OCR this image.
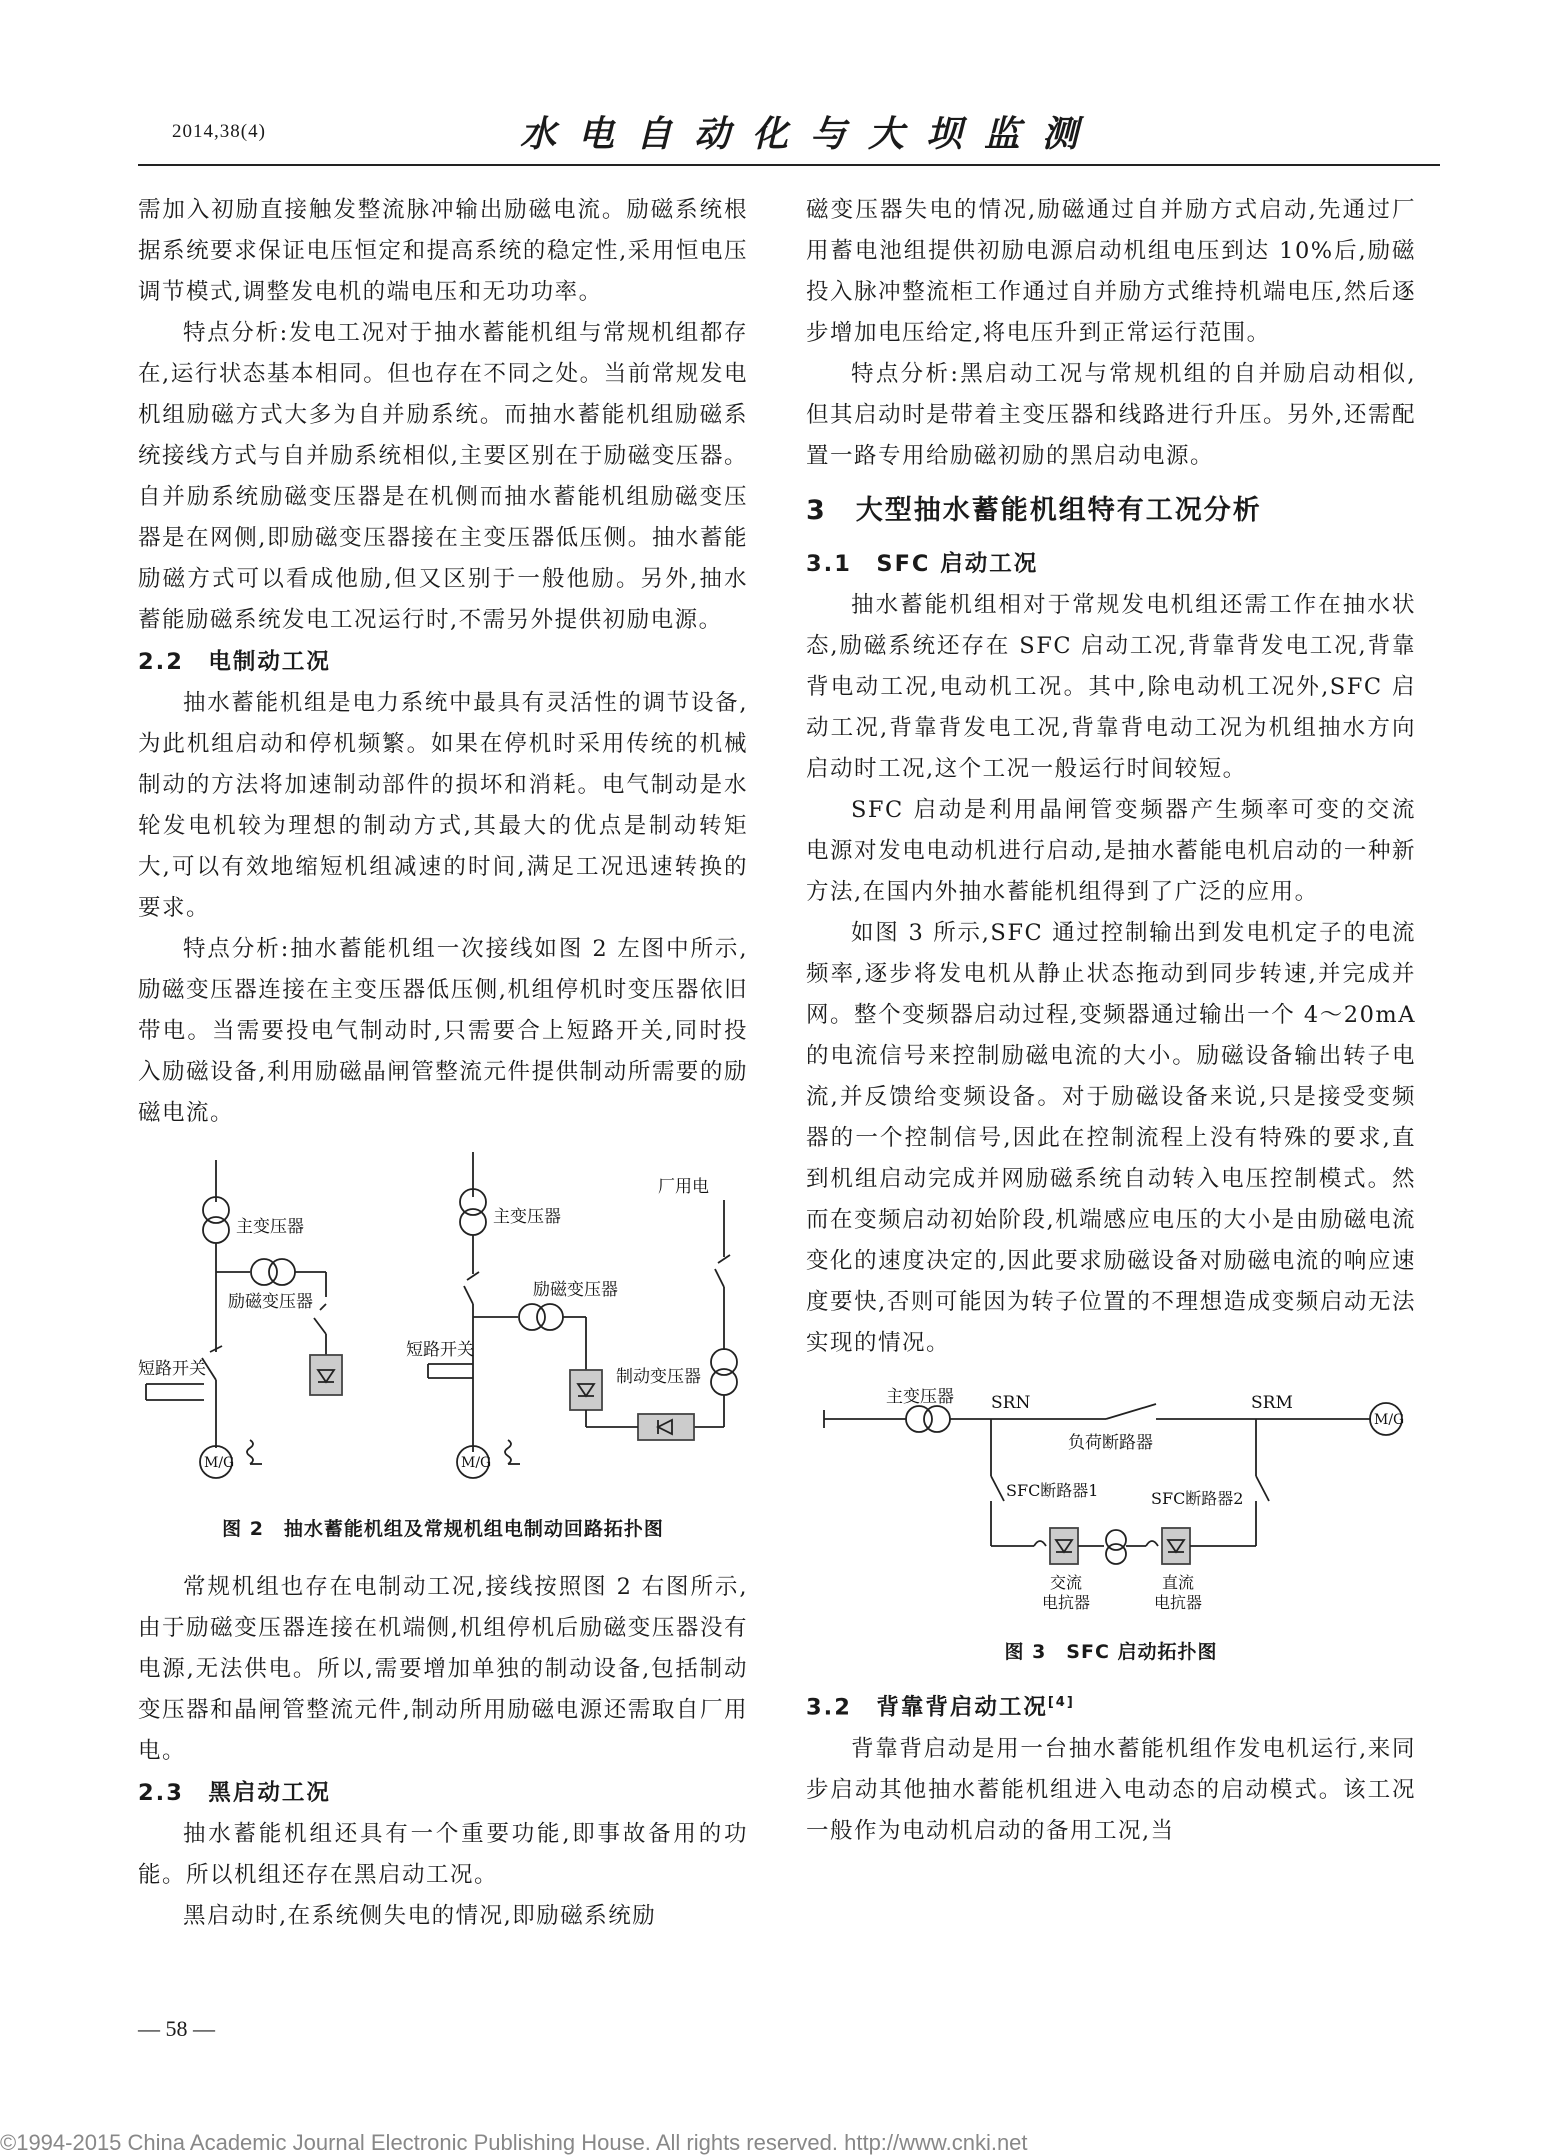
2014,38(4)	水电自动化与大坝监测

需加入初励直接触发整流脉冲输出励磁电流。励磁系统根据系统要求保证电压恒定和提高系统的稳定性,采用恒电压调节模式,调整发电机的端电压和无功功率。

特点分析:发电工况对于抽水蓄能机组与常规机组都存在,运行状态基本相同。但也存在不同之处。当前常规发电机组励磁方式大多为自并励系统。而抽水蓄能机组励磁系统接线方式与自并励系统相似,主要区别在于励磁变压器。自并励系统励磁变压器是在机侧而抽水蓄能机组励磁变压器是在网侧,即励磁变压器接在主变压器低压侧。抽水蓄能励磁方式可以看成他励,但又区别于一般他励。另外,抽水蓄能励磁系统发电工况运行时,不需另外提供初励电源。

2.2　电制动工况

抽水蓄能机组是电力系统中最具有灵活性的调节设备,为此机组启动和停机频繁。如果在停机时采用传统的机械制动的方法将加速制动部件的损坏和消耗。电气制动是水轮发电机较为理想的制动方式,其最大的优点是制动转矩大,可以有效地缩短机组减速的时间,满足工况迅速转换的要求。

特点分析:抽水蓄能机组一次接线如图 2 左图中所示,励磁变压器连接在主变压器低压侧,机组停机时变压器依旧带电。当需要投电气制动时,只需要合上短路开关,同时投入励磁设备,利用励磁晶闸管整流元件提供制动所需要的励磁电流。

主变压器
励磁变压器
短路开关
M/G
主变压器
励磁变压器
短路开关
M/G
厂用电
制动变压器
图 2　抽水蓄能机组及常规机组电制动回路拓扑图

常规机组也存在电制动工况,接线按照图 2 右图所示,由于励磁变压器连接在机端侧,机组停机后励磁变压器没有电源,无法供电。所以,需要增加单独的制动设备,包括制动变压器和晶闸管整流元件,制动所用励磁电源还需取自厂用电。

2.3　黑启动工况

抽水蓄能机组还具有一个重要功能,即事故备用的功能。所以机组还存在黑启动工况。

黑启动时,在系统侧失电的情况,即励磁系统励

磁变压器失电的情况,励磁通过自并励方式启动,先通过厂用蓄电池组提供初励电源启动机组电压到达 10%后,励磁投入脉冲整流柜工作通过自并励方式维持机端电压,然后逐步增加电压给定,将电压升到正常运行范围。

特点分析:黑启动工况与常规机组的自并励启动相似,但其启动时是带着主变压器和线路进行升压。另外,还需配置一路专用给励磁初励的黑启动电源。

3　大型抽水蓄能机组特有工况分析
3.1　SFC 启动工况

抽水蓄能机组相对于常规发电机组还需工作在抽水状态,励磁系统还存在 SFC 启动工况,背靠背发电工况,背靠背电动工况,电动机工况。其中,除电动机工况外,SFC 启动工况,背靠背发电工况,背靠背电动工况为机组抽水方向启动时工况,这个工况一般运行时间较短。

SFC 启动是利用晶闸管变频器产生频率可变的交流电源对发电电动机进行启动,是抽水蓄能电机启动的一种新方法,在国内外抽水蓄能机组得到了广泛的应用。

如图 3 所示,SFC 通过控制输出到发电机定子的电流频率,逐步将发电机从静止状态拖动到同步转速,并完成并网。整个变频器启动过程,变频器通过输出一个 4～20mA 的电流信号来控制励磁电流的大小。励磁设备输出转子电流,并反馈给变频设备。对于励磁设备来说,只是接受变频器的一个控制信号,因此在控制流程上没有特殊的要求,直到机组启动完成并网励磁系统自动转入电压控制模式。然而在变频启动初始阶段,机端感应电压的大小是由励磁电流变化的速度决定的,因此要求励磁设备对励磁电流的响应速度要快,否则可能因为转子位置的不理想造成变频启动无法实现的情况。

主变压器 SRN	SRM
M/G
负荷断路器
SFC断路器1	SFC断路器2
交流
电抗器
直流
电抗器
图 3　SFC 启动拓扑图
3.2　背靠背启动工况[4]

背靠背启动是用一台抽水蓄能机组作发电机运行,来同步启动其他抽水蓄能机组进入电动态的启动模式。该工况一般作为电动机启动的备用工况,当

— 58 —
©1994-2015 China Academic Journal Electronic Publishing House. All rights reserved. http://www.cnki.net
